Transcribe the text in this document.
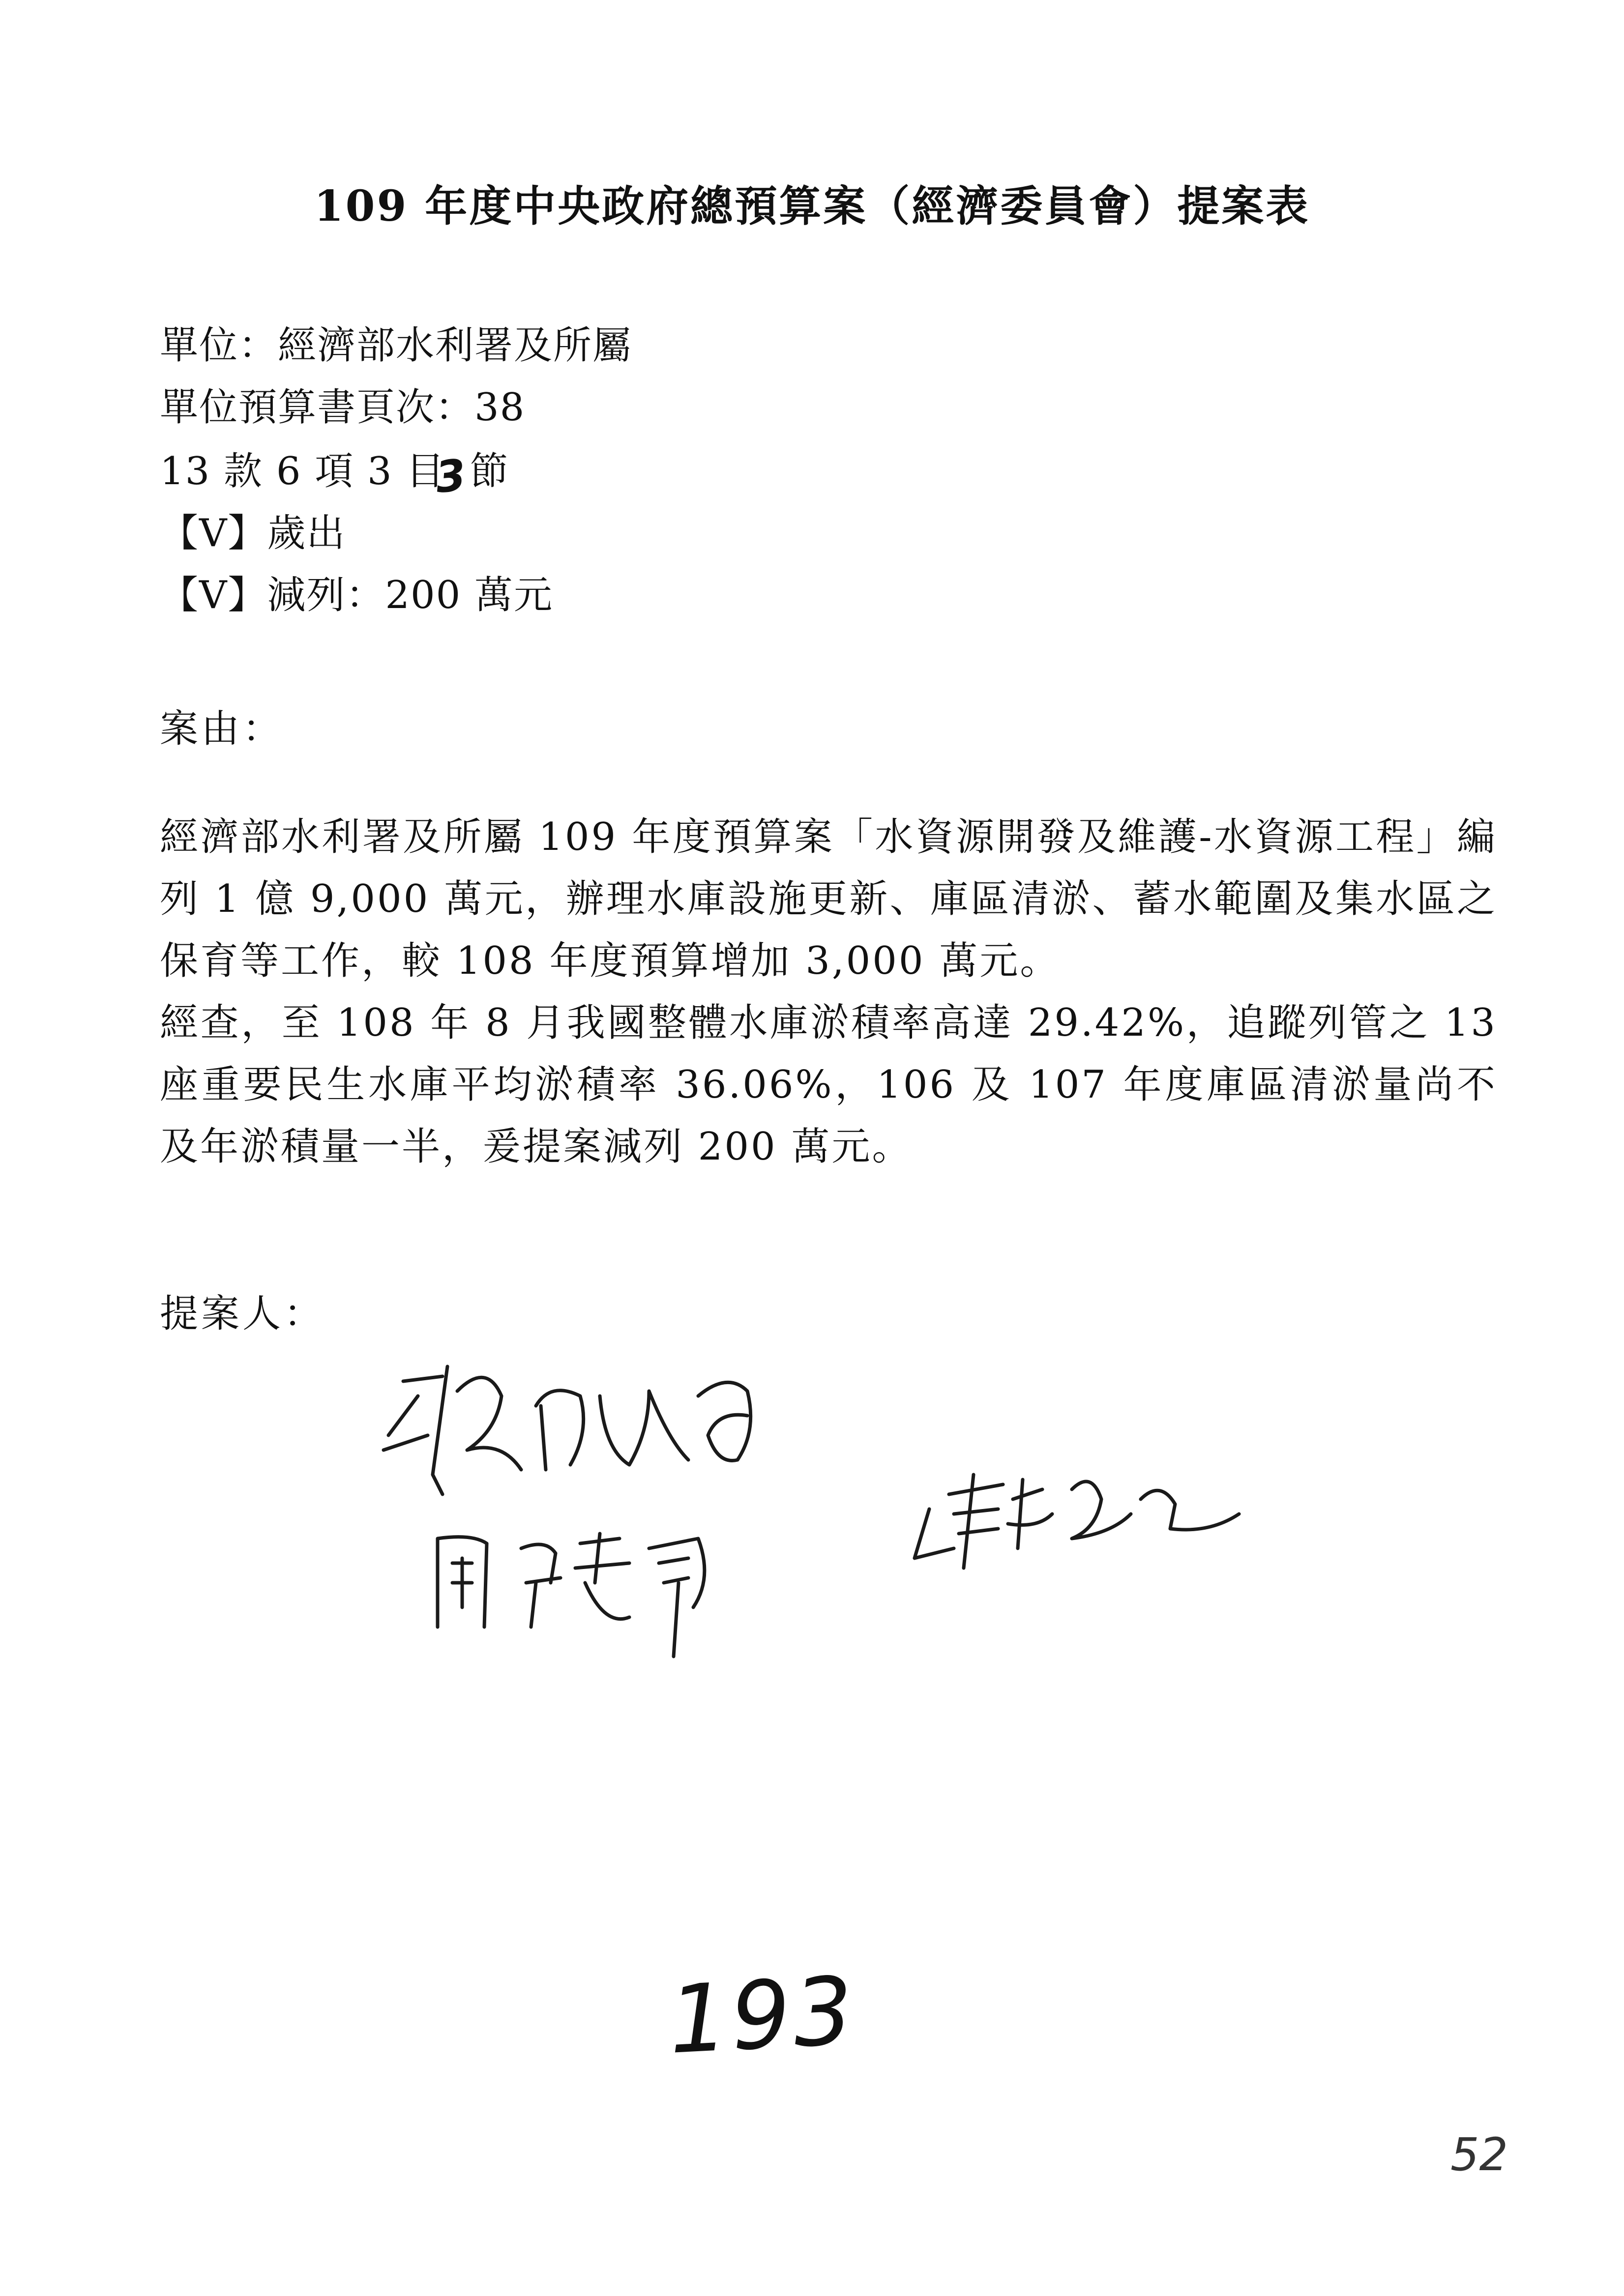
109 年度中央政府總預算案（經濟委員會）提案表
單位：經濟部水利署及所屬
單位預算書頁次：38
13 款 6 項 3 目 3節
【V】歲出
【V】減列：200 萬元

案由：

經濟部水利署及所屬 109 年度預算案「水資源開發及維護-水資源工程」編列 1 億 9,000 萬元，辦理水庫設施更新、庫區清淤、蓄水範圍及集水區之保育等工作，較 108 年度預算增加 3,000 萬元。

經查，至 108 年 8 月我國整體水庫淤積率高達 29.42%，追蹤列管之 13 座重要民生水庫平均淤積率 36.06%，106 及 107 年度庫區清淤量尚不及年淤積量一半，爰提案減列 200 萬元。

提案人：

193

52
